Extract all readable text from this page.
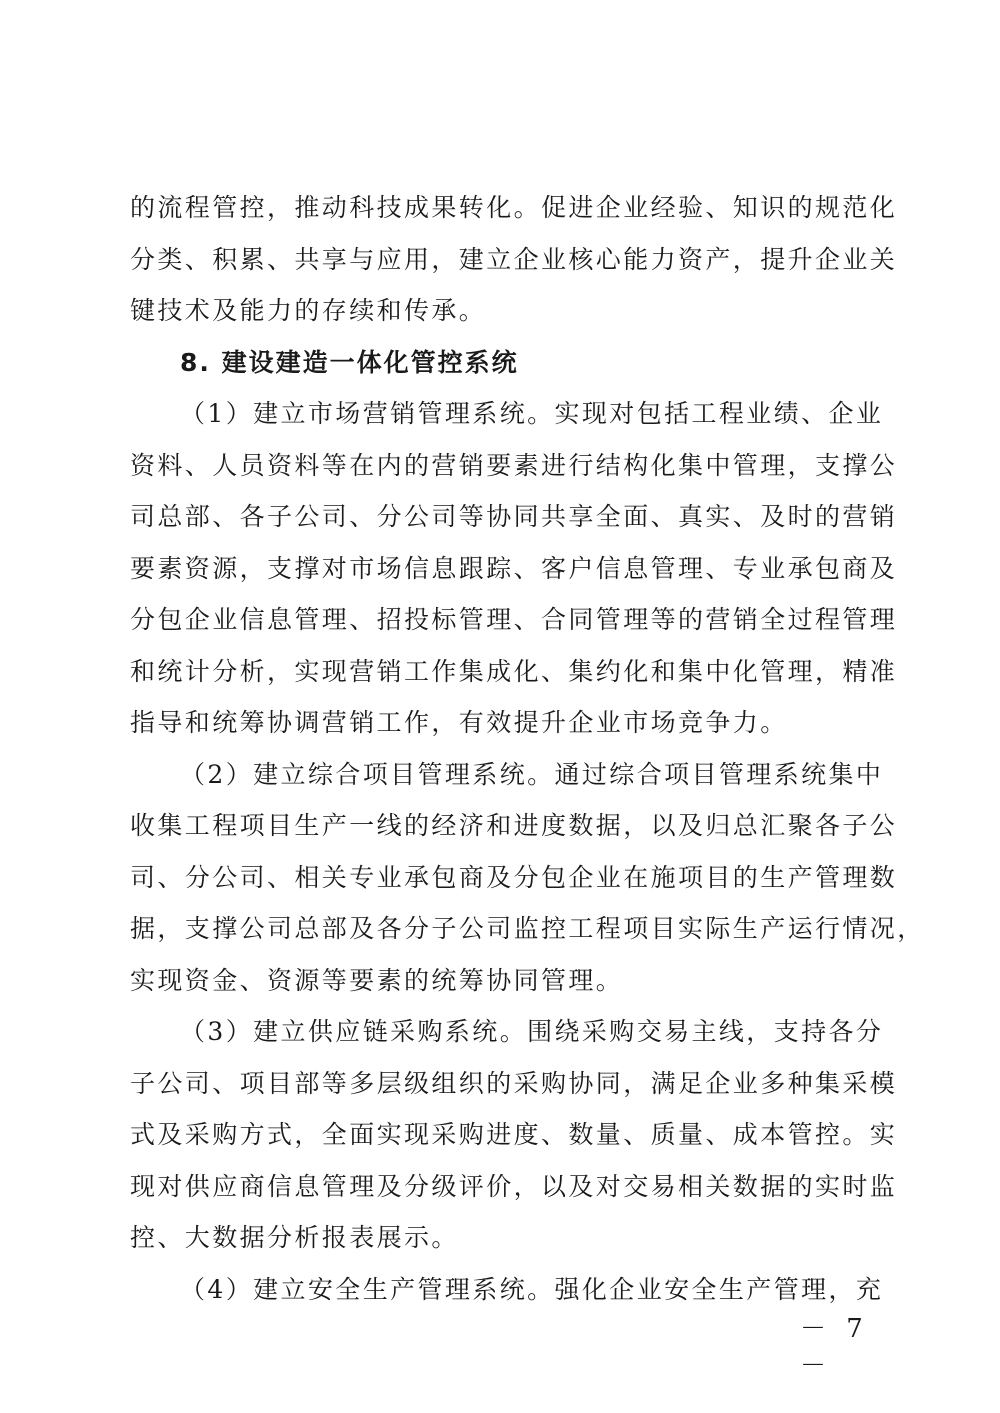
的流程管控，推动科技成果转化。促进企业经验、知识的规范化
分类、积累、共享与应用，建立企业核心能力资产，提升企业关
键技术及能力的存续和传承。
8. 建设建造一体化管控系统
（1）建立市场营销管理系统。实现对包括工程业绩、企业
资料、人员资料等在内的营销要素进行结构化集中管理，支撑公
司总部、各子公司、分公司等协同共享全面、真实、及时的营销
要素资源，支撑对市场信息跟踪、客户信息管理、专业承包商及
分包企业信息管理、招投标管理、合同管理等的营销全过程管理
和统计分析，实现营销工作集成化、集约化和集中化管理，精准
指导和统筹协调营销工作，有效提升企业市场竞争力。
（2）建立综合项目管理系统。通过综合项目管理系统集中
收集工程项目生产一线的经济和进度数据，以及归总汇聚各子公
司、分公司、相关专业承包商及分包企业在施项目的生产管理数
据，支撑公司总部及各分子公司监控工程项目实际生产运行情况，
实现资金、资源等要素的统筹协同管理。
（3）建立供应链采购系统。围绕采购交易主线，支持各分
子公司、项目部等多层级组织的采购协同，满足企业多种集采模
式及采购方式，全面实现采购进度、数量、质量、成本管控。实
现对供应商信息管理及分级评价，以及对交易相关数据的实时监
控、大数据分析报表展示。
（4）建立安全生产管理系统。强化企业安全生产管理，充
－ 7 －
